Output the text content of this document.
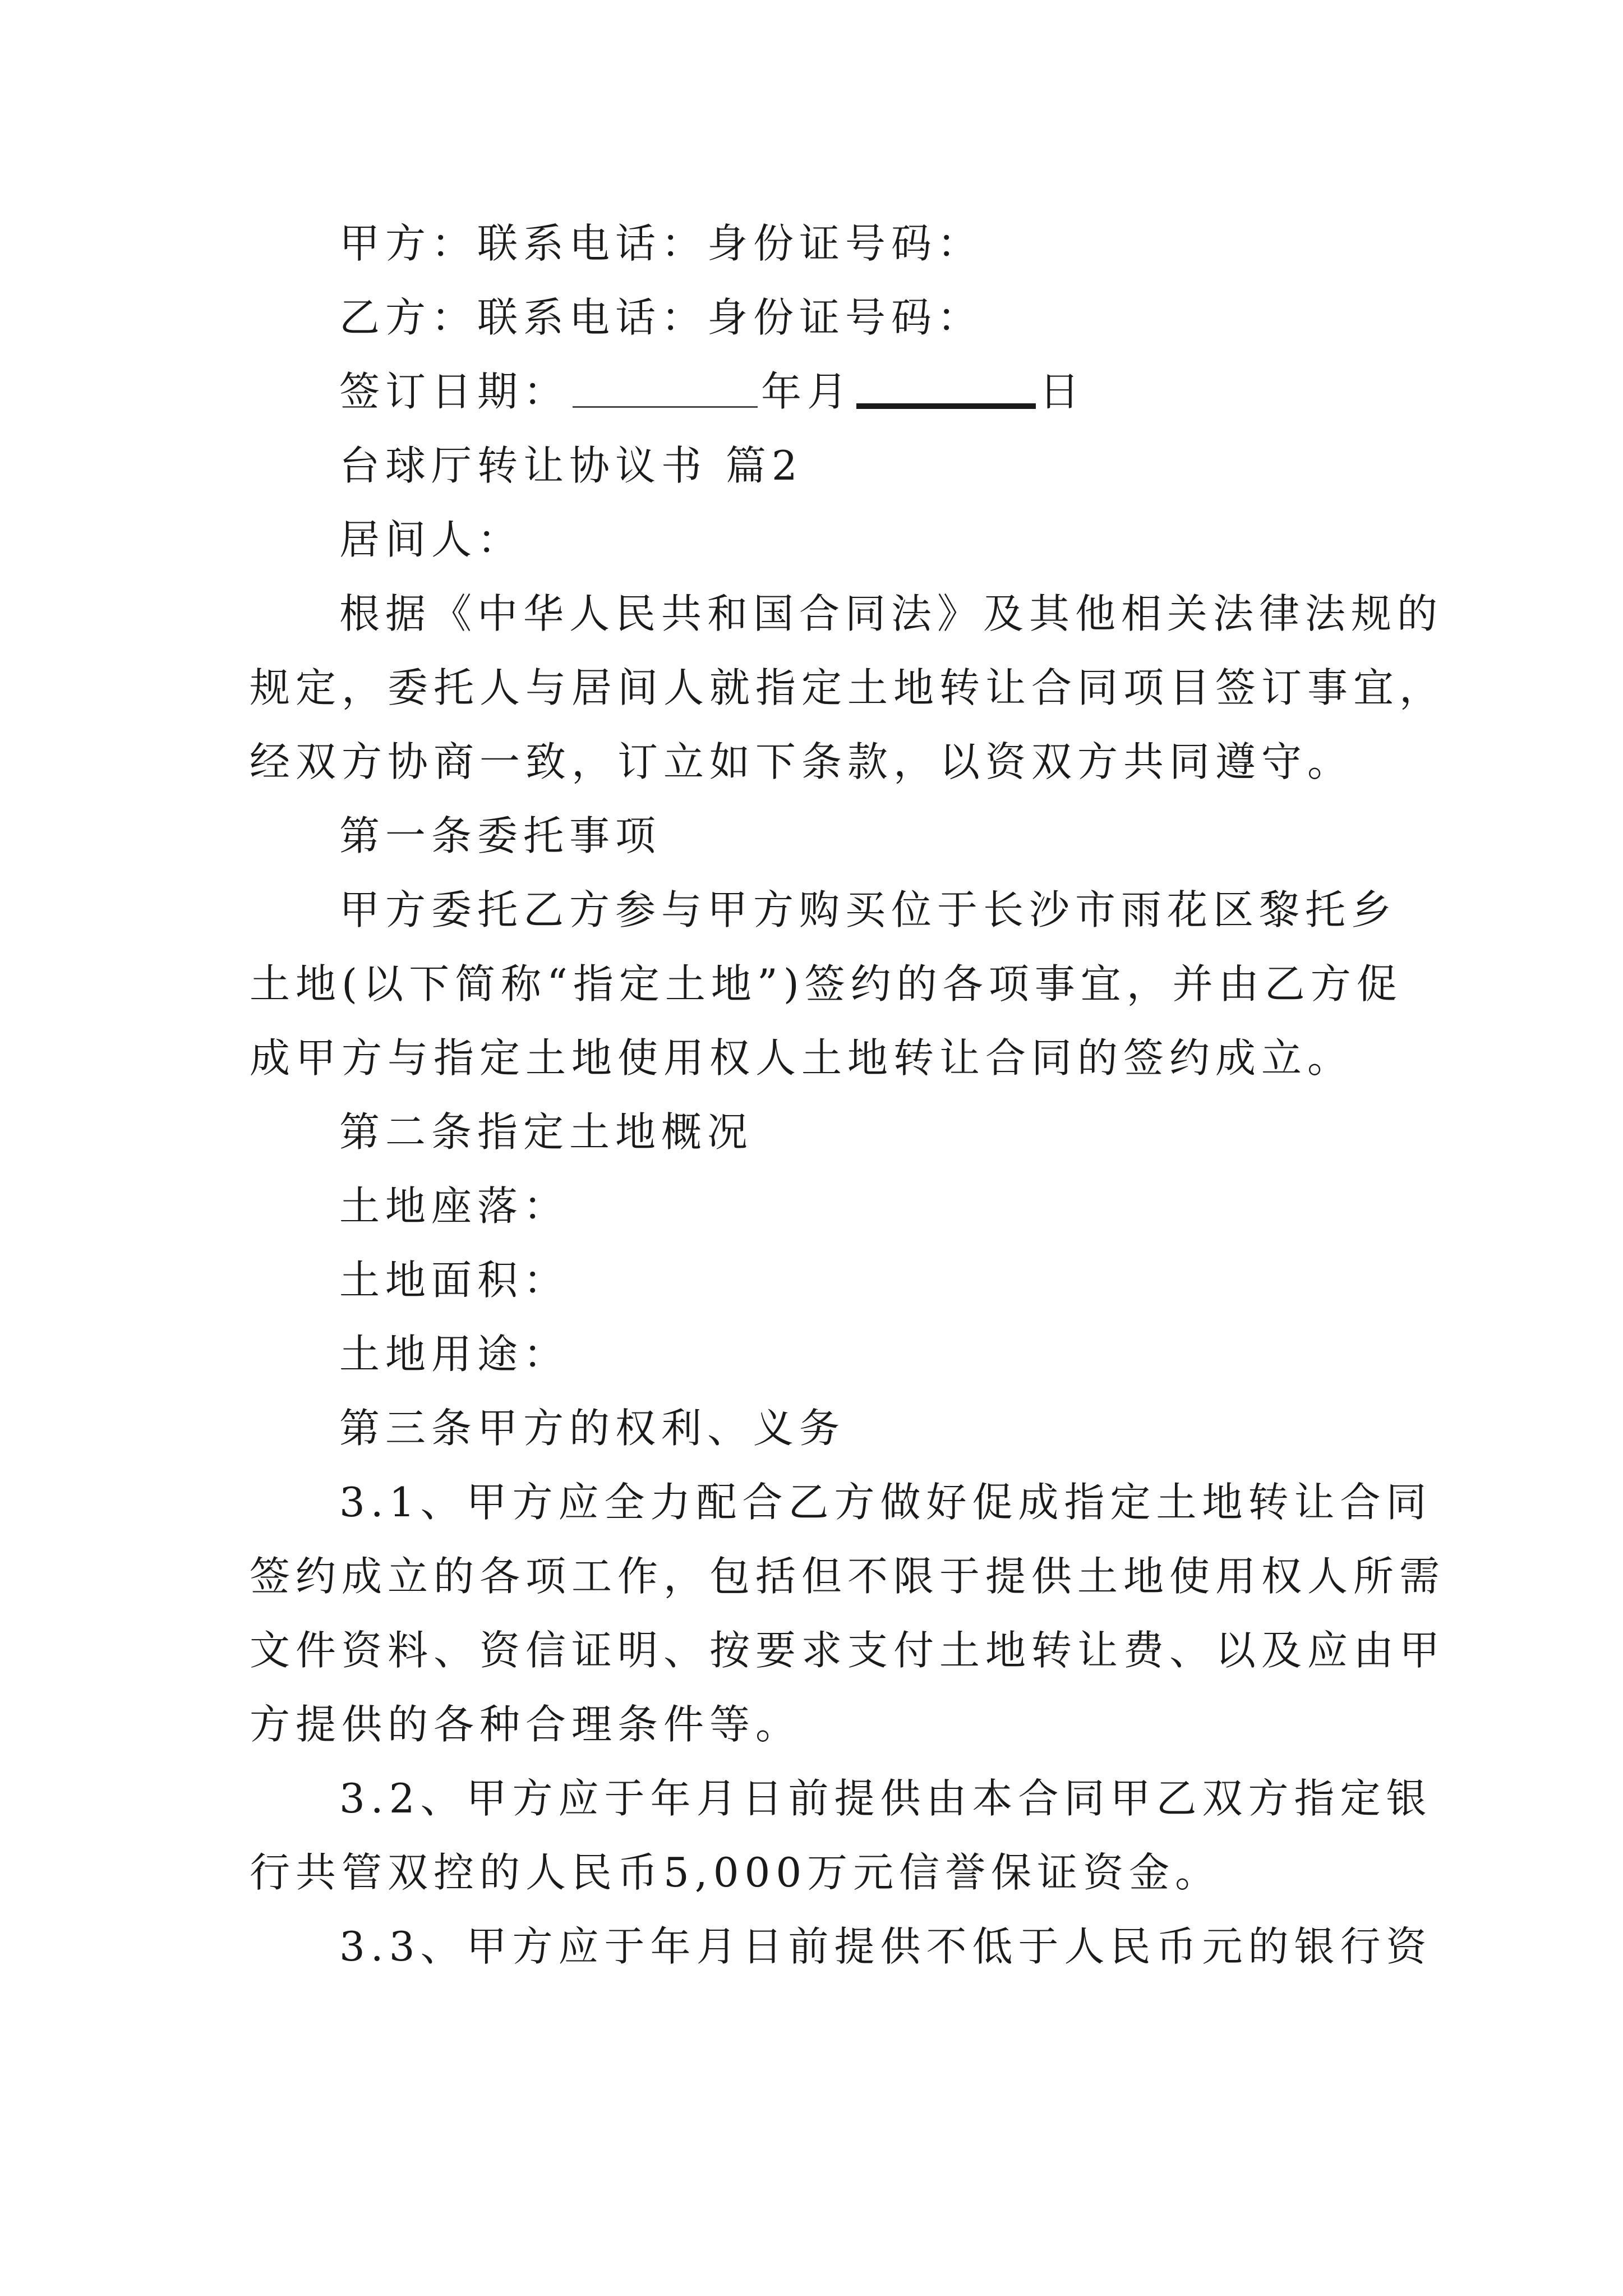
甲方：联系电话：身份证号码：
乙方：联系电话：身份证号码：
签订日期：	年月	日
台球厅转让协议书 篇2
居间人：
根据《中华人民共和国合同法》及其他相关法律法规的
规定，委托人与居间人就指定土地转让合同项目签订事宜，
经双方协商一致，订立如下条款，以资双方共同遵守。
第一条委托事项
甲方委托乙方参与甲方购买位于长沙市雨花区黎托乡
土地(以下简称“指定土地”)签约的各项事宜，并由乙方促
成甲方与指定土地使用权人土地转让合同的签约成立。
第二条指定土地概况
土地座落：
土地面积：
土地用途：
第三条甲方的权利、义务
3.1、甲方应全力配合乙方做好促成指定土地转让合同
签约成立的各项工作，包括但不限于提供土地使用权人所需
文件资料、资信证明、按要求支付土地转让费、以及应由甲
方提供的各种合理条件等。
3.2、甲方应于年月日前提供由本合同甲乙双方指定银
行共管双控的人民币5,000万元信誉保证资金。
3.3、甲方应于年月日前提供不低于人民币元的银行资
